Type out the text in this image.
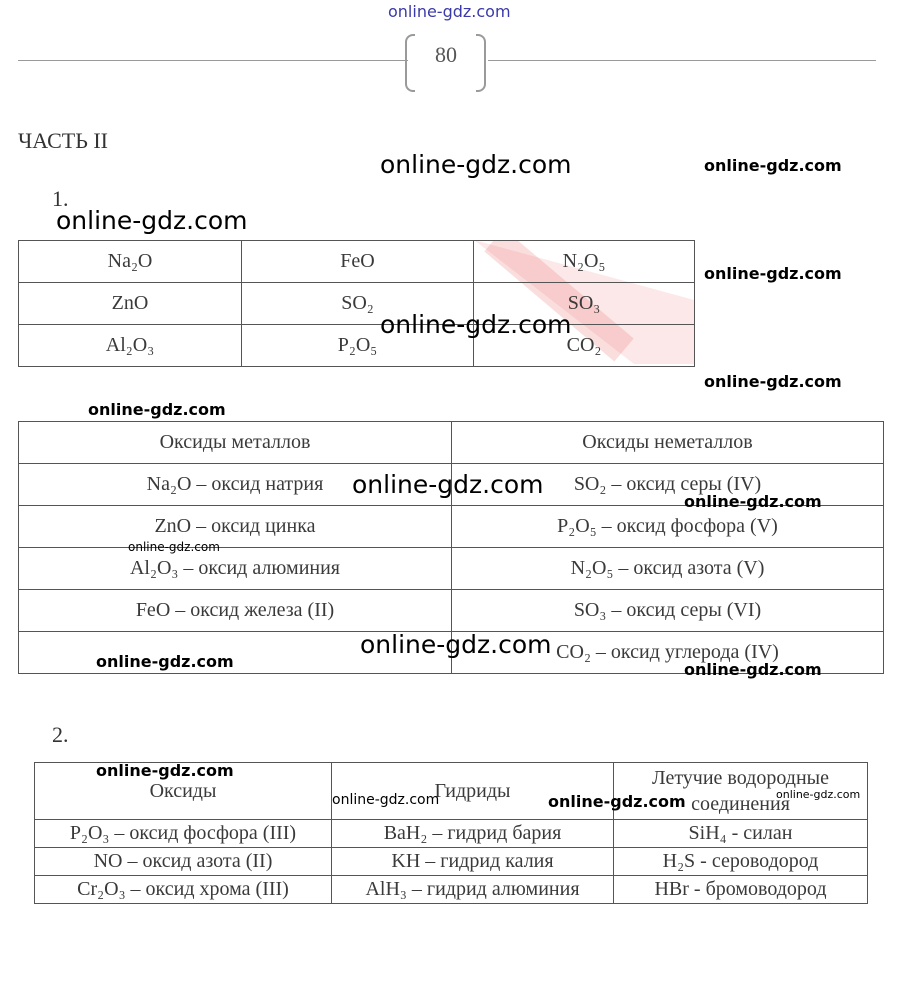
online-gdz.com
80
ЧАСТЬ II
1.
Na₂O	FeO	N₂O₅
ZnO	SO₂	SO₃
Al₂O₃	P₂O₅	CO₂
Оксиды металлов	Оксиды неметаллов
Na₂O – оксид натрия	SO₂ – оксид серы (IV)
ZnO – оксид цинка	P₂O₅ – оксид фосфора (V)
Al₂O₃ – оксид алюминия	N₂O₅ – оксид азота (V)
FeO – оксид железа (II)	SO₃ – оксид серы (VI)
	CO₂ – оксид углерода (IV)
2.
Оксиды	Гидриды	Летучие водородные соединения
P₂O₃ – оксид фосфора (III)	BaH₂ – гидрид бария	SiH₄ - силан
NO – оксид азота (II)	KH – гидрид калия	H₂S - сероводород
Cr₂O₃ – оксид хрома (III)	AlH₃ – гидрид алюминия	HBr - бромоводород
online-gdz.com	online-gdz.com
online-gdz.com
online-gdz.com
online-gdz.com
online-gdz.com
online-gdz.com
online-gdz.com
online-gdz.com
online-gdz.com
online-gdz.com
online-gdz.com	online-gdz.com
online-gdz.com
online-gdz.com	online-gdz.com	online-gdz.com
